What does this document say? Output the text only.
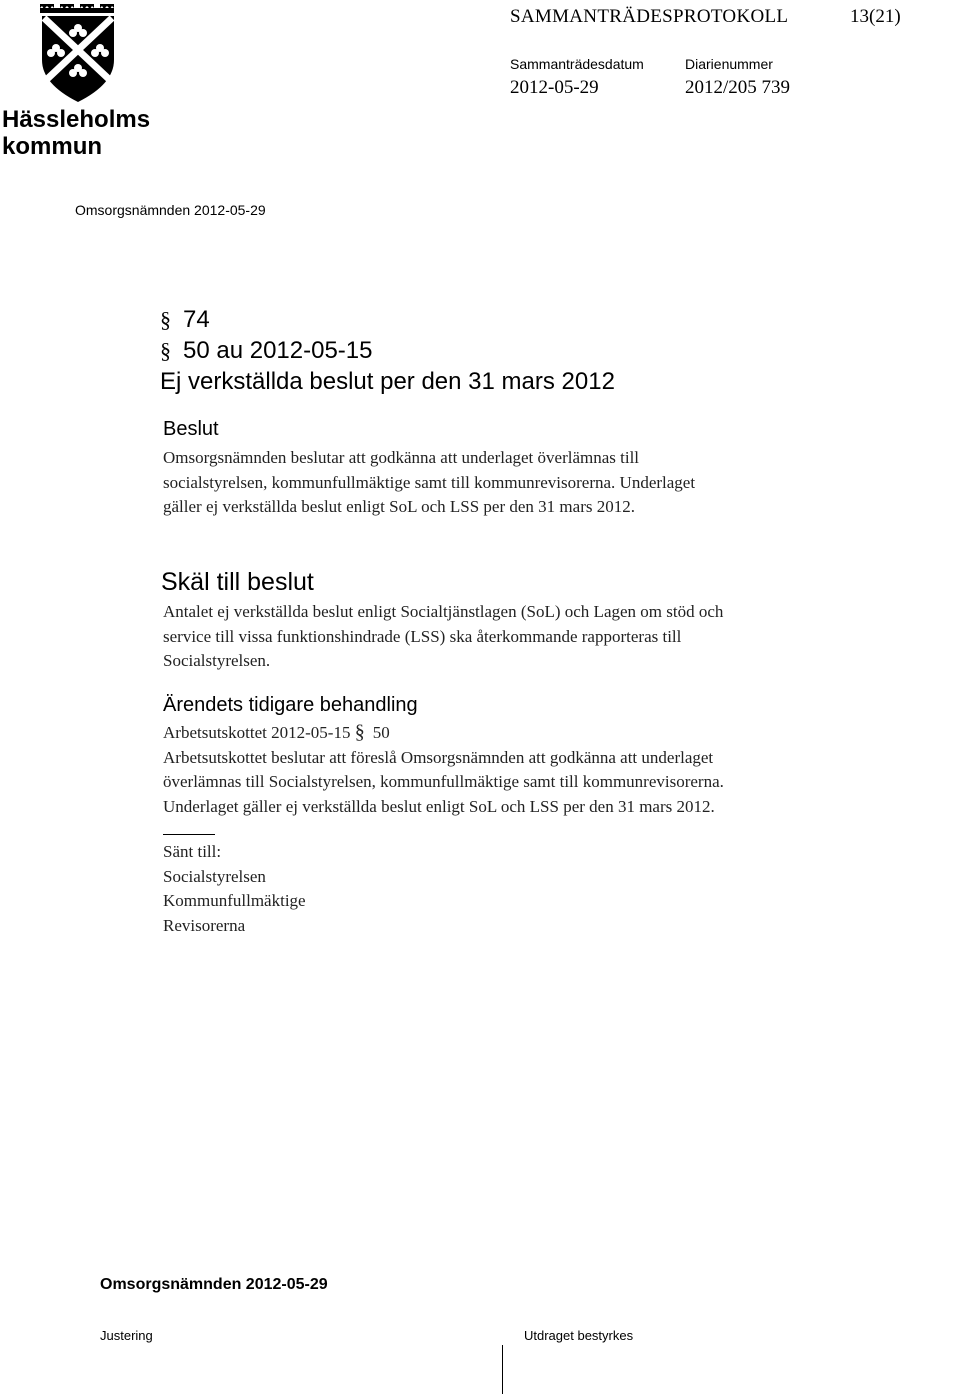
Hässleholms
kommun
SAMMANTRÄDESPROTOKOLL	13(21)
Sammanträdesdatum	Diarienummer
2012-05-29	2012/205 739
Omsorgsnämnden 2012-05-29
§ 74
§ 50 au 2012-05-15
Ej verkställda beslut per den 31 mars 2012
Beslut
Omsorgsnämnden beslutar att godkänna att underlaget överlämnas till
socialstyrelsen, kommunfullmäktige samt till kommunrevisorerna. Underlaget
gäller ej verkställda beslut enligt SoL och LSS per den 31 mars 2012.
Skäl till beslut
Antalet ej verkställda beslut enligt Socialtjänstlagen (SoL) och Lagen om stöd och
service till vissa funktionshindrade (LSS) ska återkommande rapporteras till
Socialstyrelsen.
Ärendets tidigare behandling
Arbetsutskottet 2012-05-15 § 50
Arbetsutskottet beslutar att föreslå Omsorgsnämnden att godkänna att underlaget
överlämnas till Socialstyrelsen, kommunfullmäktige samt till kommunrevisorerna.
Underlaget gäller ej verkställda beslut enligt SoL och LSS per den 31 mars 2012.
Sänt till:
Socialstyrelsen
Kommunfullmäktige
Revisorerna
Omsorgsnämnden 2012-05-29
Justering	Utdraget bestyrkes
